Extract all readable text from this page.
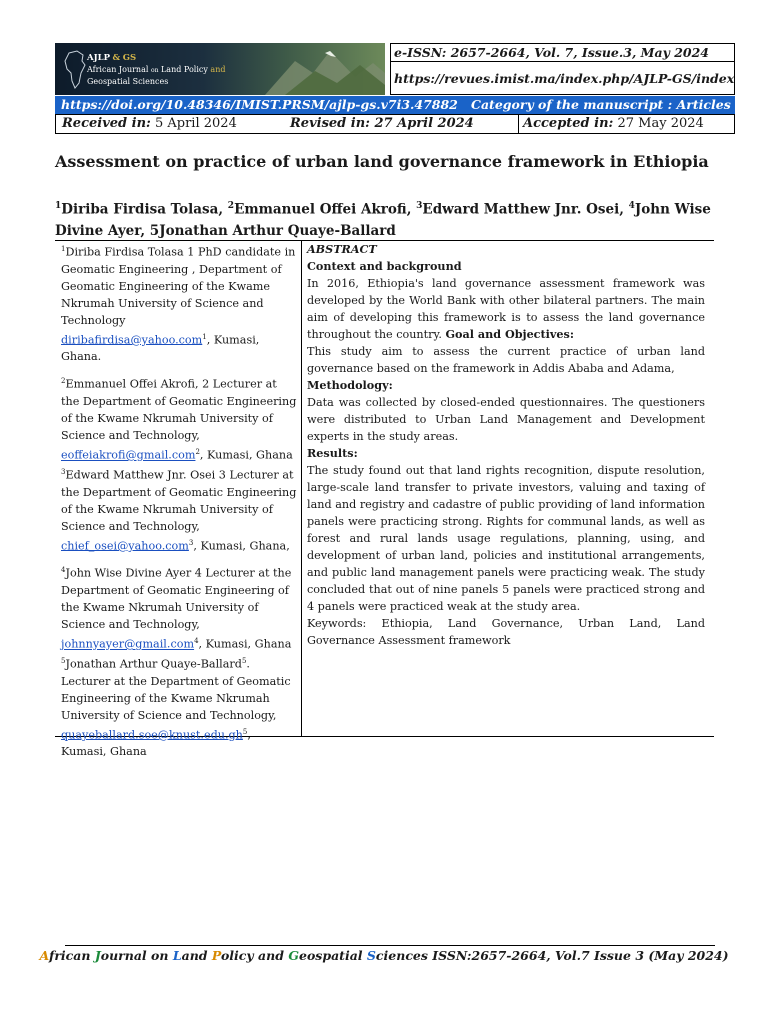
AJLP & GS
African Journal on Land Policy and
Geospatial Sciences
e-ISSN: 2657-2664, Vol. 7, Issue.3, May 2024
https://revues.imist.ma/index.php/AJLP-GS/index
https://doi.org/10.48346/IMIST.PRSM/ajlp-gs.v7i3.47882 Category of the manuscript : Articles
Received in: 5 April 2024	Revised in: 27 April 2024	Accepted in: 27 May 2024
Assessment on practice of urban land governance framework in Ethiopia
$^1$Diriba Firdisa Tolasa, $^2$Emmanuel Offei Akrofi, $^3$Edward Matthew Jnr. Osei, $^4$John Wise Divine Ayer, 5Jonathan Arthur Quaye-Ballard
$^1$Diriba Firdisa Tolasa 1 PhD candidate in Geomatic Engineering , Department of Geomatic Engineering of the Kwame Nkrumah University of Science and Technology
diribafirdisa@yahoo.com$^1$, Kumasi, Ghana.
$^2$Emmanuel Offei Akrofi, 2 Lecturer at the Department of Geomatic Engineering of the Kwame Nkrumah University of Science and Technology, eoffeiakrofi@gmail.com$^2$, Kumasi, Ghana
$^3$Edward Matthew Jnr. Osei 3 Lecturer at the Department of Geomatic Engineering of the Kwame Nkrumah University of Science and Technology, chief_osei@yahoo.com$^3$, Kumasi, Ghana,
$^4$John Wise Divine Ayer 4 Lecturer at the Department of Geomatic Engineering of the Kwame Nkrumah University of Science and Technology, johnnyayer@gmail.com$^4$, Kumasi, Ghana
$^5$Jonathan Arthur Quaye-Ballard$^5$. Lecturer at the Department of Geomatic Engineering of the Kwame Nkrumah University of Science and Technology, $quayeballard.soe@knust.edu.gh^5$, Kumasi, Ghana

ABSTRACT

Context and background

In 2016, Ethiopia's land governance assessment framework was developed by the World Bank with other bilateral partners. The main aim of developing this framework is to assess the land governance throughout the country. Goal and Objectives:

This study aim to assess the current practice of urban land governance based on the framework in Addis Ababa and Adama,

Methodology:

Data was collected by closed-ended questionnaires. The questioners were distributed to Urban Land Management and Development experts in the study areas.

Results:

The study found out that land rights recognition, dispute resolution, large-scale land transfer to private investors, valuing and taxing of land and registry and cadastre of public providing of land information panels were practicing strong. Rights for communal lands, as well as forest and rural lands usage regulations, planning, using, and development of urban land, policies and institutional arrangements, and public land management panels were practicing weak. The study concluded that out of nine panels 5 panels were practiced strong and 4 panels were practiced weak at the study area.

Keywords: Ethiopia, Land Governance, Urban Land, Land Governance Assessment framework

African Journal on Land Policy and Geospatial Sciences ISSN:2657-2664, Vol.7 Issue 3 (May 2024)
